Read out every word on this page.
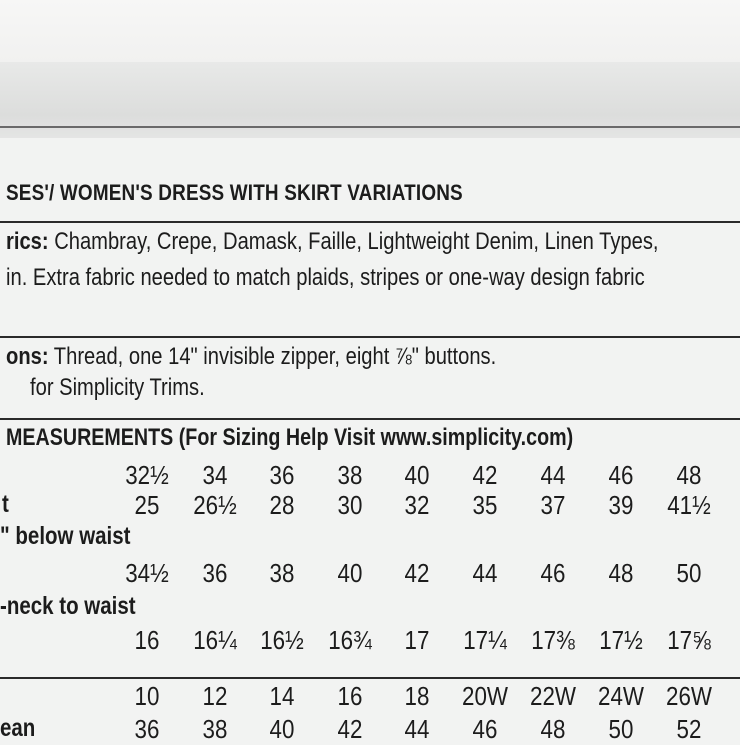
SES'/ WOMEN'S DRESS WITH SKIRT VARIATIONS
rics: Chambray, Crepe, Damask, Faille, Lightweight Denim, Linen Types,
in. Extra fabric needed to match plaids, stripes or one-way design fabric
ons: Thread, one 14" invisible zipper, eight ⅞" buttons.
for Simplicity Trims.
MEASUREMENTS (For Sizing Help Visit www.simplicity.com)
32½	34	36	38	40	42	44	46	48
t	25	26½	28	30	32	35	37	39	41½
" below waist
34½	36	38	40	42	44	46	48	50
-neck to waist
16	16¼ 16½ 16¾	17	17¼ 17⅜ 17½ 17⅝
10	12	14	16	18	20W 22W 24W 26W
ean	36	38	40	42	44	46	48	50	52
